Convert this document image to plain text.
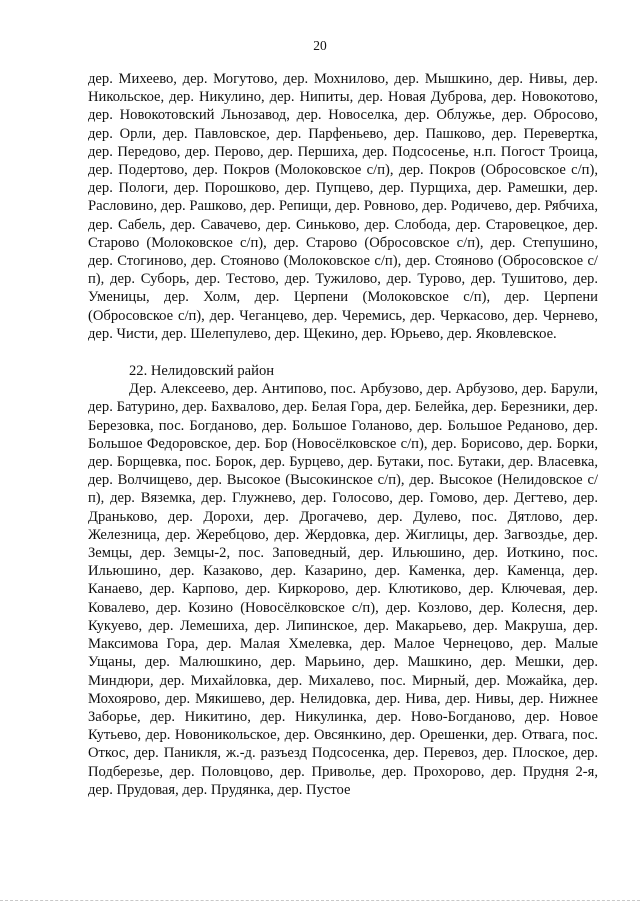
20

дер. Михеево, дер. Могутово, дер. Мохнилово, дер. Мышкино, дер. Нивы, дер. Никольское, дер. Никулино, дер. Нипиты, дер. Новая Дуброва, дер. Новокотово, дер. Новокотовский Льнозавод, дер. Новоселка, дер. Облужье, дер. Обросово, дер. Орли, дер. Павловское, дер. Парфеньево, дер. Пашково, дер. Перевертка, дер. Передово, дер. Перово, дер. Першиха, дер. Подсосенье, н.п. Погост Троица, дер. Подертово, дер. Покров (Молоковское с/п), дер. Покров (Обросовское с/п), дер. Пологи, дер. Порошково, дер. Пупцево, дер. Пурщиха, дер. Рамешки, дер. Расловино, дер. Рашково, дер. Репищи, дер. Ровново, дер. Родичево, дер. Рябчиха, дер. Сабель, дер. Савачево, дер. Синьково, дер. Слобода, дер. Старовецкое, дер. Старово (Молоковское с/п), дер. Старово (Обросовское с/п), дер. Степушино, дер. Стогиново, дер. Стояново (Молоковское с/п), дер. Стояново (Обросовское с/п), дер. Суборь, дер. Тестово, дер. Тужилово, дер. Турово, дер. Тушитово, дер. Уменицы, дер. Холм, дер. Церпени (Молоковское с/п), дер. Церпени (Обросовское с/п), дер. Чеганцево, дер. Черемись, дер. Черкасово, дер. Чернево, дер. Чисти, дер. Шелепулево, дер. Щекино, дер. Юрьево, дер. Яковлевское.

22. Нелидовский район

Дер. Алексеево, дер. Антипово, пос. Арбузово, дер. Арбузово, дер. Барули, дер. Батурино, дер. Бахвалово, дер. Белая Гора, дер. Белейка, дер. Березники, дер. Березовка, пос. Богданово, дер. Большое Голаново, дер. Большое Реданово, дер. Большое Федоровское, дер. Бор (Новосёлковское с/п), дер. Борисово, дер. Борки, дер. Борщевка, пос. Борок, дер. Бурцево, дер. Бутаки, пос. Бутаки, дер. Власевка, дер. Волчищево, дер. Высокое (Высокинское с/п), дер. Высокое (Нелидовское с/п), дер. Вяземка, дер. Глужнево, дер. Голосово, дер. Гомово, дер. Дегтево, дер. Драньково, дер. Дорохи, дер. Дрогачево, дер. Дулево, пос. Дятлово, дер. Железница, дер. Жеребцово, дер. Жердовка, дер. Жиглицы, дер. Загвоздье, дер. Земцы, дер. Земцы-2, пос. Заповедный, дер. Ильюшино, дер. Иоткино, пос. Ильюшино, дер. Казаково, дер. Казарино, дер. Каменка, дер. Каменца, дер. Канаево, дер. Карпово, дер. Киркорово, дер. Клютиково, дер. Ключевая, дер. Ковалево, дер. Козино (Новосёлковское с/п), дер. Козлово, дер. Колесня, дер. Кукуево, дер. Лемешиха, дер. Липинское, дер. Макарьево, дер. Макруша, дер. Максимова Гора, дер. Малая Хмелевка, дер. Малое Чернецово, дер. Малые Ущаны, дер. Малюшкино, дер. Марьино, дер. Машкино, дер. Мешки, дер. Миндюри, дер. Михайловка, дер. Михалево, пос. Мирный, дер. Можайка, дер. Мохоярово, дер. Мякишево, дер. Нелидовка, дер. Нива, дер. Нивы, дер. Нижнее Заборье, дер. Никитино, дер. Никулинка, дер. Ново-Богданово, дер. Новое Кутьево, дер. Новоникольское, дер. Овсянкино, дер. Орешенки, дер. Отвага, пос. Откос, дер. Паникля, ж.-д. разъезд Подсосенка, дер. Перевоз, дер. Плоское, дер. Подберезье, дер. Половцово, дер. Приволье, дер. Прохорово, дер. Прудня 2-я, дер. Прудовая, дер. Прудянка, дер. Пустое
